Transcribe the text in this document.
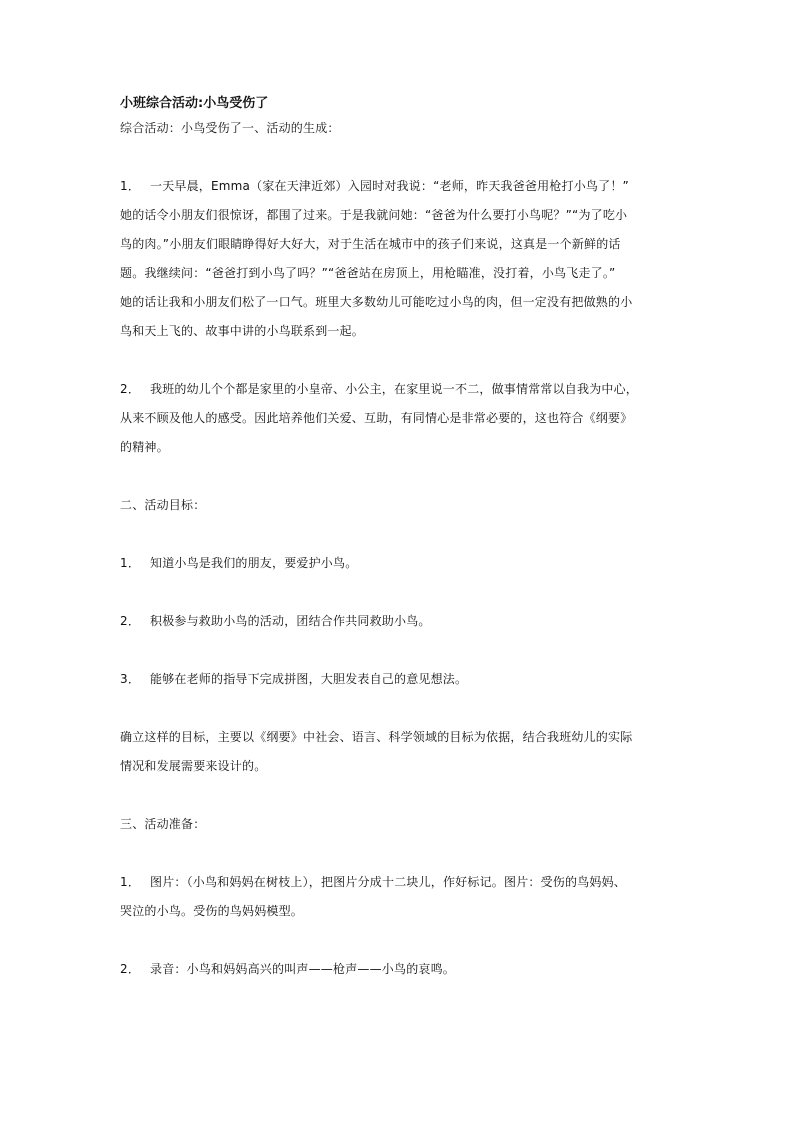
小班综合活动:小鸟受伤了

综合活动：小鸟受伤了一、活动的生成：

1． 一天早晨，Emma（家在天津近郊）入园时对我说：“老师，昨天我爸爸用枪打小鸟了！”

她的话令小朋友们很惊讶，都围了过来。于是我就问她：“爸爸为什么要打小鸟呢？”“为了吃小

鸟的肉。”小朋友们眼睛睁得好大好大，对于生活在城市中的孩子们来说，这真是一个新鲜的话

题。我继续问：“爸爸打到小鸟了吗？”“爸爸站在房顶上，用枪瞄准，没打着，小鸟飞走了。”

她的话让我和小朋友们松了一口气。班里大多数幼儿可能吃过小鸟的肉，但一定没有把做熟的小

鸟和天上飞的、故事中讲的小鸟联系到一起。

2． 我班的幼儿个个都是家里的小皇帝、小公主，在家里说一不二，做事情常常以自我为中心，

从来不顾及他人的感受。因此培养他们关爱、互助，有同情心是非常必要的，这也符合《纲要》

的精神。

二、活动目标：

1． 知道小鸟是我们的朋友，要爱护小鸟。

2． 积极参与救助小鸟的活动，团结合作共同救助小鸟。

3． 能够在老师的指导下完成拼图，大胆发表自己的意见想法。

确立这样的目标，主要以《纲要》中社会、语言、科学领域的目标为依据，结合我班幼儿的实际

情况和发展需要来设计的。

三、活动准备：

1． 图片：（小鸟和妈妈在树枝上），把图片分成十二块儿，作好标记。图片：受伤的鸟妈妈、

哭泣的小鸟。受伤的鸟妈妈模型。

2． 录音：小鸟和妈妈高兴的叫声——枪声——小鸟的哀鸣。
